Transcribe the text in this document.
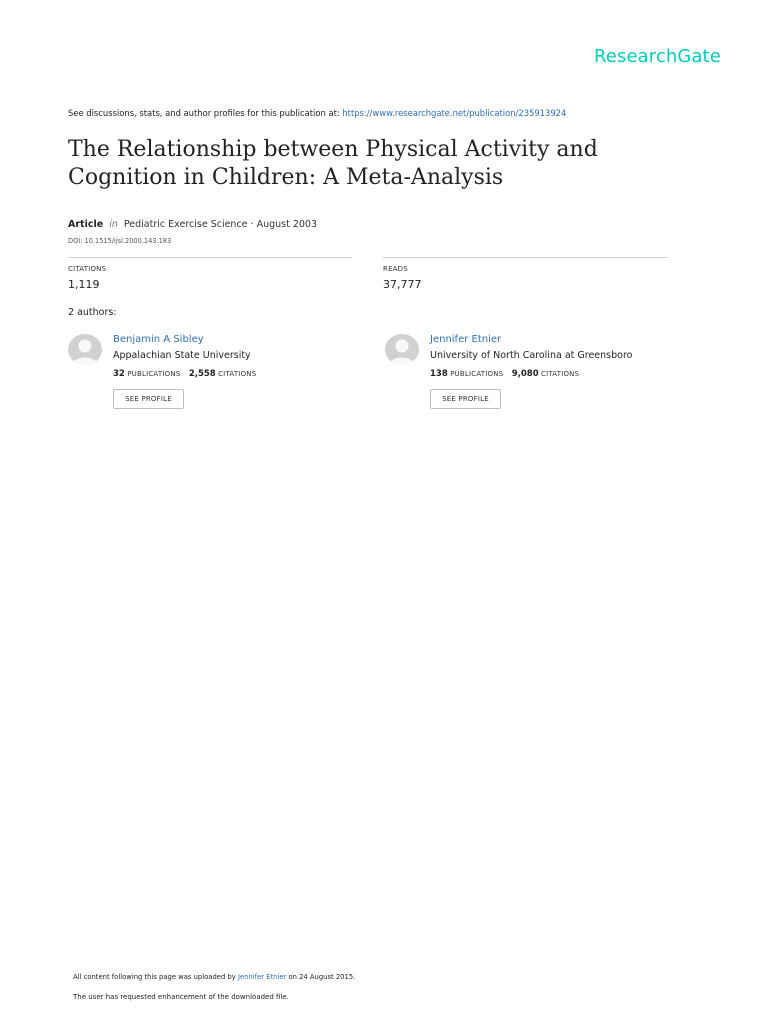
ResearchGate
See discussions, stats, and author profiles for this publication at: https://www.researchgate.net/publication/235913924
The Relationship between Physical Activity and Cognition in Children: A Meta-Analysis
Article in Pediatric Exercise Science · August 2003
DOI: 10.1515/ijsl.2000.143.183
CITATIONS
1,119
READS
37,777
2 authors:
Benjamin A Sibley
Appalachian State University
32 PUBLICATIONS 2,558 CITATIONS
SEE PROFILE
Jennifer Etnier
University of North Carolina at Greensboro
138 PUBLICATIONS 9,080 CITATIONS
SEE PROFILE
All content following this page was uploaded by Jennifer Etnier on 24 August 2015.
The user has requested enhancement of the downloaded file.
